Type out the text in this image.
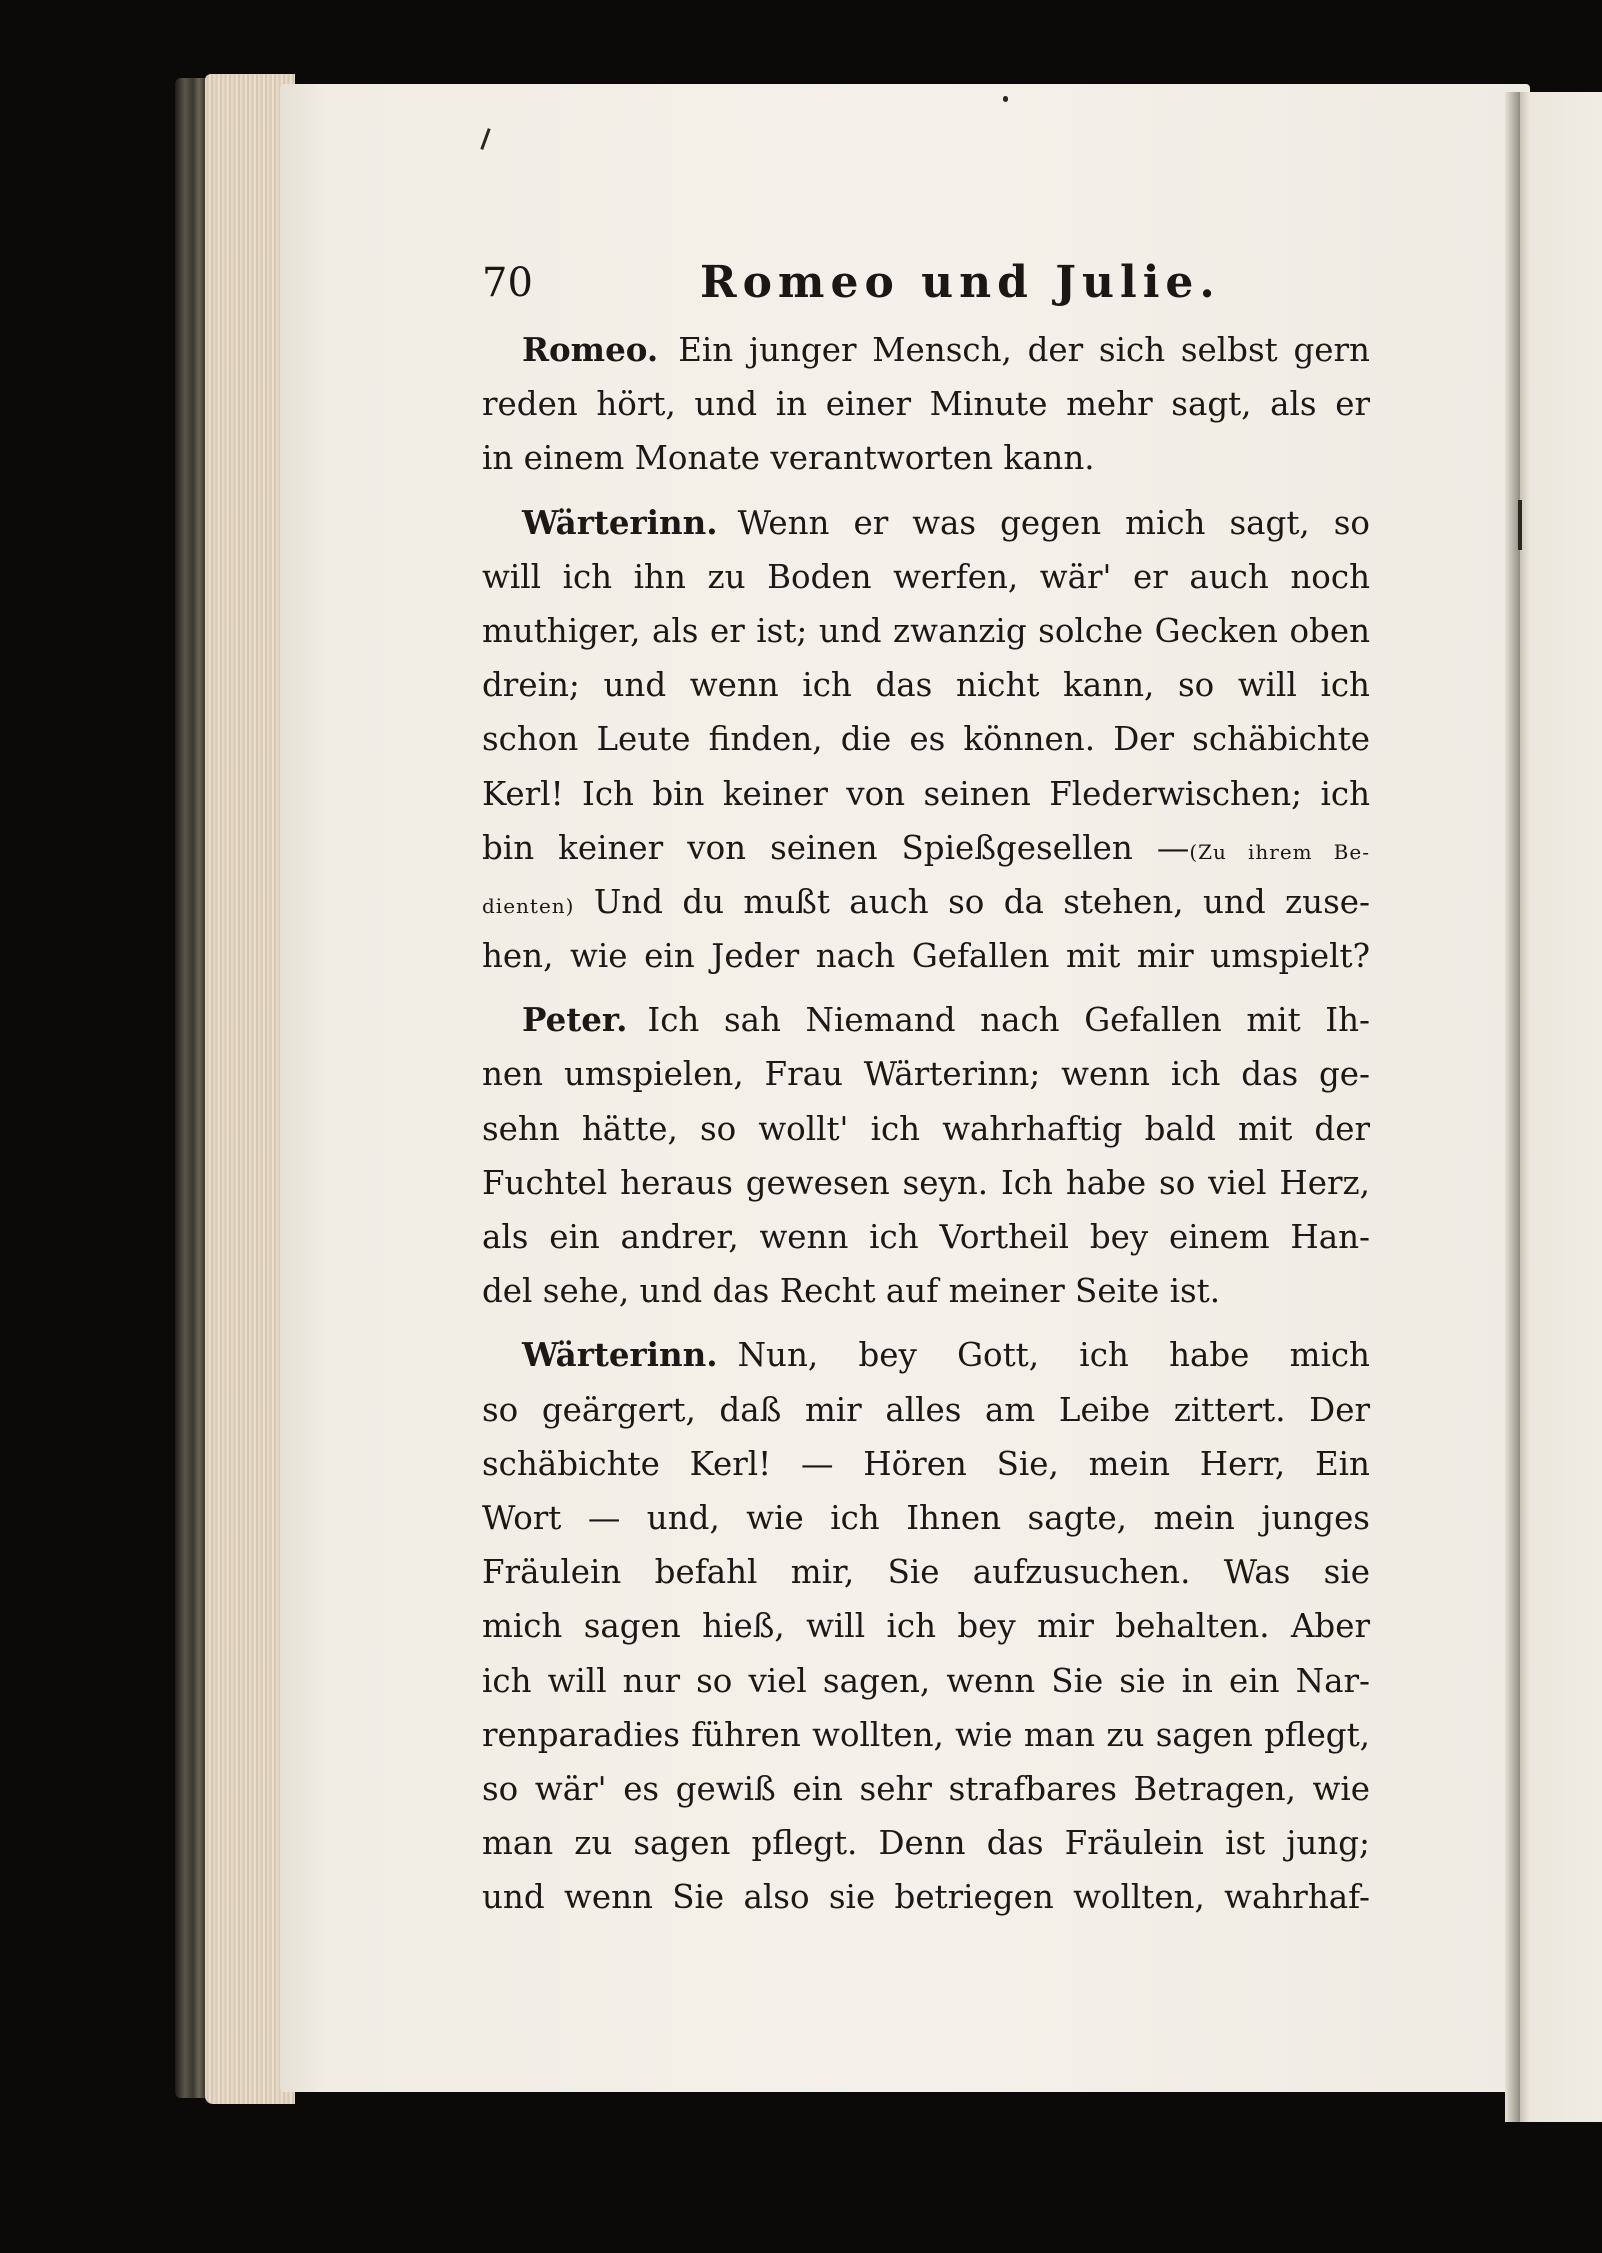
70	Romeo und Julie.
Romeo. Ein junger Mensch, der sich selbst gern
reden hört, und in einer Minute mehr sagt, als er
in einem Monate verantworten kann.
Wärterinn. Wenn er was gegen mich sagt, so
will ich ihn zu Boden werfen, wär' er auch noch
muthiger, als er ist; und zwanzig solche Gecken oben
drein; und wenn ich das nicht kann, so will ich
schon Leute finden, die es können. Der schäbichte
Kerl! Ich bin keiner von seinen Flederwischen; ich
bin keiner von seinen Spießgesellen —(Zu ihrem Be-
dienten) Und du mußt auch so da stehen, und zuse-
hen, wie ein Jeder nach Gefallen mit mir umspielt?
Peter. Ich sah Niemand nach Gefallen mit Ih-
nen umspielen, Frau Wärterinn; wenn ich das ge-
sehn hätte, so wollt' ich wahrhaftig bald mit der
Fuchtel heraus gewesen seyn. Ich habe so viel Herz,
als ein andrer, wenn ich Vortheil bey einem Han-
del sehe, und das Recht auf meiner Seite ist.
Wärterinn. Nun, bey Gott, ich habe mich
so geärgert, daß mir alles am Leibe zittert. Der
schäbichte Kerl! — Hören Sie, mein Herr, Ein
Wort — und, wie ich Ihnen sagte, mein junges
Fräulein befahl mir, Sie aufzusuchen. Was sie
mich sagen hieß, will ich bey mir behalten. Aber
ich will nur so viel sagen, wenn Sie sie in ein Nar-
renparadies führen wollten, wie man zu sagen pflegt,
so wär' es gewiß ein sehr strafbares Betragen, wie
man zu sagen pflegt. Denn das Fräulein ist jung;
und wenn Sie also sie betriegen wollten, wahrhaf-
